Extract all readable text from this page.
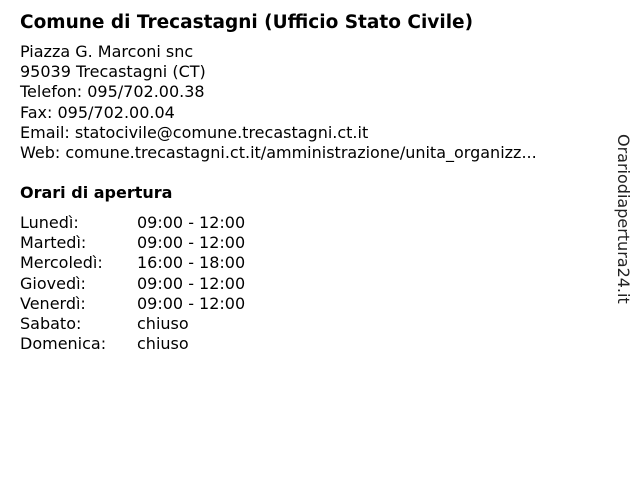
Comune di Trecastagni (Ufficio Stato Civile)
Piazza G. Marconi snc
95039 Trecastagni (CT)
Telefon: 095/702.00.38
Fax: 095/702.00.04
Email: statocivile@comune.trecastagni.ct.it
Web: comune.trecastagni.ct.it/amministrazione/unita_organizz...
Orari di apertura
Lunedì:	09:00 - 12:00
Martedì:	09:00 - 12:00
Mercoledì: 16:00 - 18:00
Giovedì:	09:00 - 12:00
Venerdì:	09:00 - 12:00
Sabato:	chiuso
Domenica: chiuso
Orariodiapertura24.it
